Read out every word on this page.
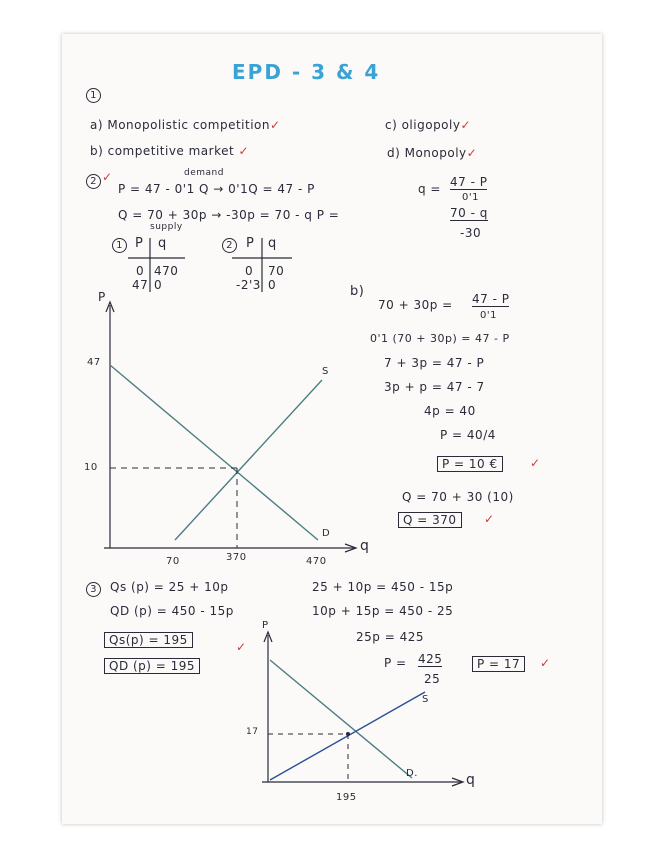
EPD - 3 & 4
1
a) Monopolistic competition✓	c) oligopoly✓
b) competitive market ✓	d) Monopoly✓
2 ✓	demand
P = 47 - 0'1 Q → 0'1Q = 47 - P	q = 47 - P
0'1
Q = 70 + 30p → -30p = 70 - q P =	70 - q
-30
supply
1 P q
0 470
47 0
2	P q
0 70
-2'3 0
P
q
47
10
70	370	470
S
D
b)
70 + 30p = 47 - P
0'1
0'1 (70 + 30p) = 47 - P
7 + 3p = 47 - P
3p + p = 47 - 7
4p = 40
P = 40/4
P = 10 €	✓
Q = 70 + 30 (10)
Q = 370	✓
3	Qs (p) = 25 + 10p
QD (p) = 450 - 15p
Qs(p) = 195	✓
QD (p) = 195
25 + 10p = 450 - 15p
10p + 15p = 450 - 25
25p = 425
P = 425
25
P = 17	✓
P
q
17
195
S
D.
